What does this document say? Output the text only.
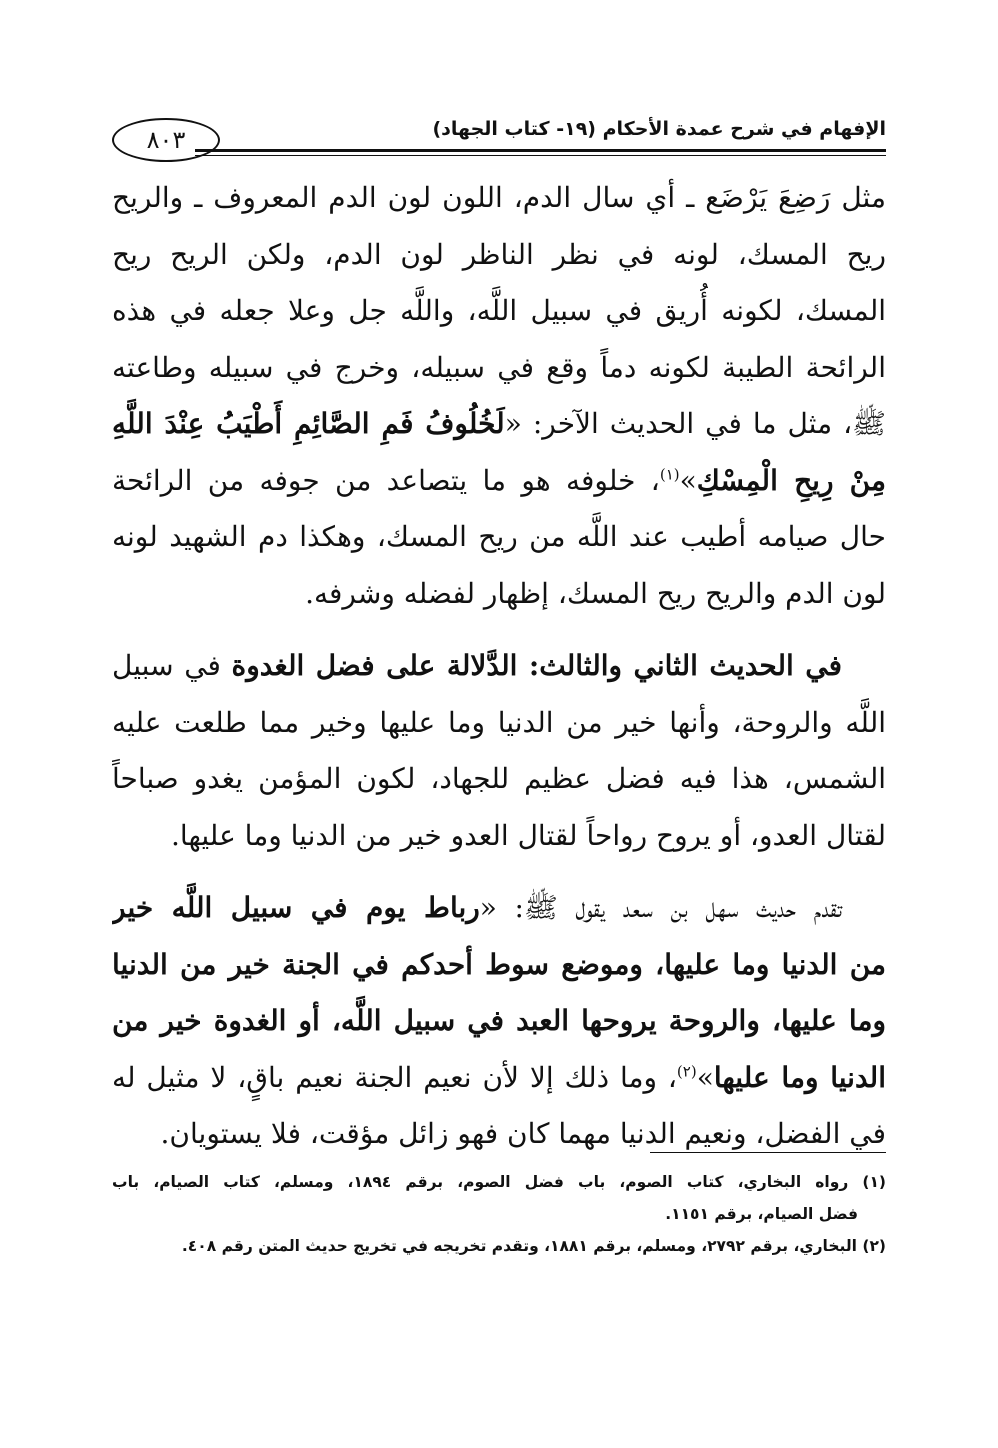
الإفهام في شرح عمدة الأحكام (١٩- كتاب الجهاد)
٨٠٣
مثل رَضِعَ يَرْضَع ـ أي سال الدم، اللون لون الدم المعروف ـ والريح
ريح المسك، لونه في نظر الناظر لون الدم، ولكن الريح ريح
المسك، لكونه أُريق في سبيل اللَّه، واللَّه جل وعلا جعله في هذه
الرائحة الطيبة لكونه دماً وقع في سبيله، وخرج في سبيله وطاعته
ﷺ، مثل ما في الحديث الآخر: «لَخُلُوفُ فَمِ الصَّائِمِ أَطْيَبُ عِنْدَ اللَّهِ
مِنْ رِيحِ الْمِسْكِ»$^{(١)}$، خلوفه هو ما يتصاعد من جوفه من الرائحة
حال صيامه أطيب عند اللَّه من ريح المسك، وهكذا دم الشهيد لونه
لون الدم والريح ريح المسك، إظهار لفضله وشرفه.
في الحديث الثاني والثالث: الدَّلالة على فضل الغدوة في سبيل
اللَّه والروحة، وأنها خير من الدنيا وما عليها وخير مما طلعت عليه
الشمس، هذا فيه فضل عظيم للجهاد، لكون المؤمن يغدو صباحاً
لقتال العدو، أو يروح رواحاً لقتال العدو خير من الدنيا وما عليها.
تقدم حديث سهل بن سعد يقول ﷺ: «رباط يوم في سبيل اللَّه خير
من الدنيا وما عليها، وموضع سوط أحدكم في الجنة خير من الدنيا
وما عليها، والروحة يروحها العبد في سبيل اللَّه، أو الغدوة خير من
الدنيا وما عليها»$^{(٢)}$، وما ذلك إلا لأن نعيم الجنة نعيم باقٍ، لا مثيل له
في الفضل، ونعيم الدنيا مهما كان فهو زائل مؤقت، فلا يستويان.
(١) رواه البخاري، كتاب الصوم، باب فضل الصوم، برقم ١٨٩٤، ومسلم، كتاب الصيام، باب
فضل الصيام، برقم ١١٥١.
(٢) البخاري، برقم ٢٧٩٢، ومسلم، برقم ١٨٨١، وتقدم تخريجه في تخريج حديث المتن رقم ٤٠٨.
